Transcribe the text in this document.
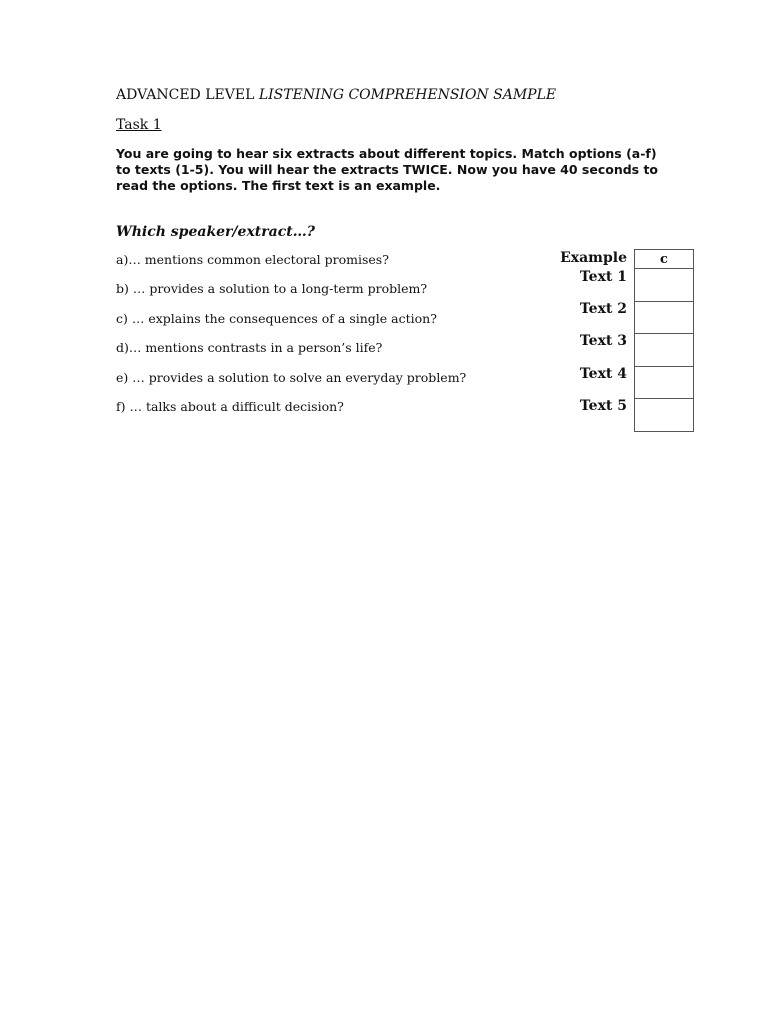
ADVANCED LEVEL LISTENING COMPREHENSION SAMPLE
Task 1
You are going to hear six extracts about different topics. Match options (a-f) to texts (1-5). You will hear the extracts TWICE. Now you have 40 seconds to read the options. The first text is an example.
Which speaker/extract…?
a)… mentions common electoral promises?
b) … provides a solution to a long-term problem?
c) … explains the consequences of a single action?
d)… mentions contrasts in a person’s life?
e) … provides a solution to solve an everyday problem?
f) … talks about a difficult decision?
Example
Text 1
Text 2
Text 3
Text 4
Text 5
c
